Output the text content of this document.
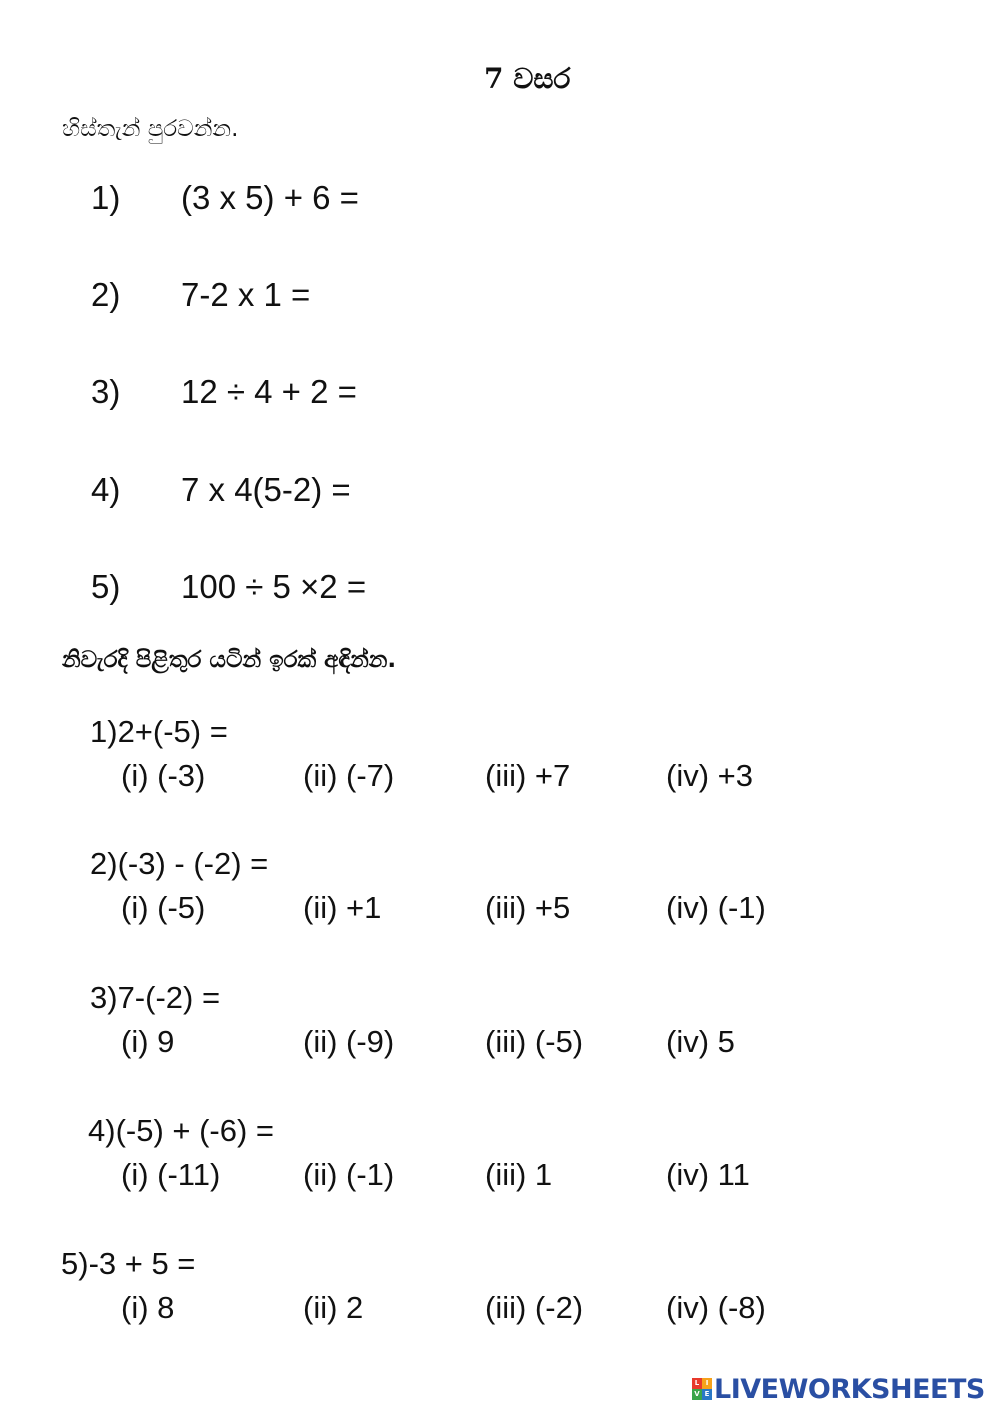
7 වසර
හිස්තැන් පුරවන්න.
1) (3 x 5) + 6 =
2) 7-2 x 1 =
3) 12 ÷ 4 + 2 =
4) 7 x 4(5-2) =
5) 100 ÷ 5 ×2 =
නිවැරදි පිළිතුර යටින් ඉරක් අඳින්න.
1)2+(-5) =
(i) (-3)	(ii) (-7)	(iii) +7	(iv) +3
2)(-3) - (-2) =
(i) (-5)	(ii) +1	(iii) +5	(iv) (-1)
3)7-(-2) =
(i) 9	(ii) (-9)	(iii) (-5)	(iv) 5
4)(-5) + (-6) =
(i) (-11)	(ii) (-1)	(iii) 1	(iv) 11
5)-3 + 5 =
(i) 8	(ii) 2	(iii) (-2)	(iv) (-8)
L I
V E LIVEWORKSHEETS
